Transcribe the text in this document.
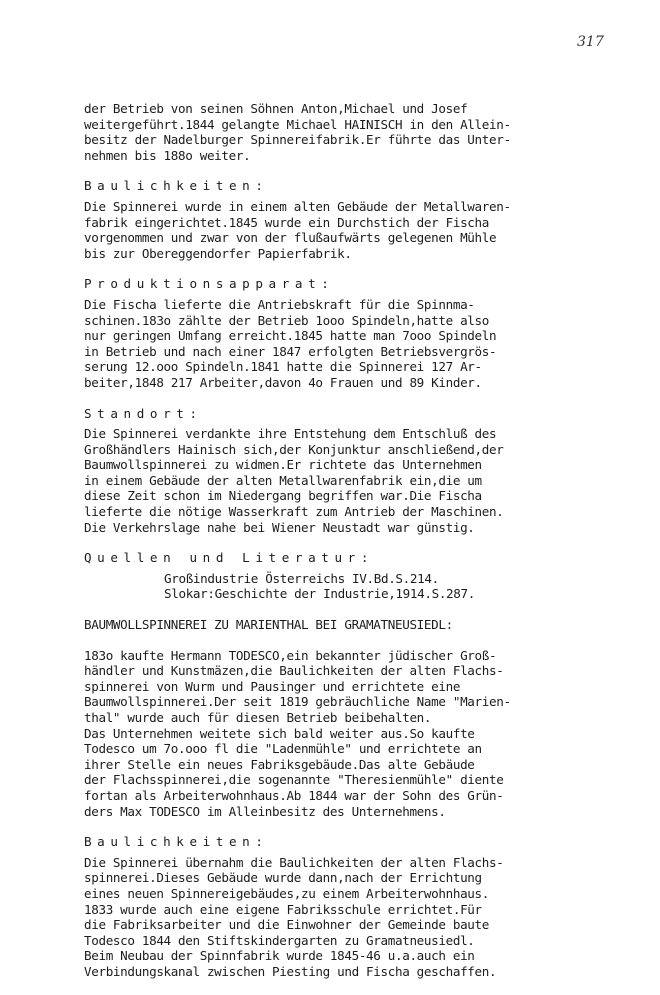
317
der Betrieb von seinen Söhnen Anton,Michael und Josef
weitergeführt.1844 gelangte Michael HAINISCH in den Allein-
besitz der Nadelburger Spinnereifabrik.Er führte das Unter-
nehmen bis 188o weiter.
Baulichkeiten:
Die Spinnerei wurde in einem alten Gebäude der Metallwaren-
fabrik eingerichtet.1845 wurde ein Durchstich der Fischa
vorgenommen und zwar von der flußaufwärts gelegenen Mühle
bis zur Obereggendorfer Papierfabrik.
Produktionsapparat:
Die Fischa lieferte die Antriebskraft für die Spinnma-
schinen.183o zählte der Betrieb 1ooo Spindeln,hatte also
nur geringen Umfang erreicht.1845 hatte man 7ooo Spindeln
in Betrieb und nach einer 1847 erfolgten Betriebsvergrös-
serung 12.ooo Spindeln.1841 hatte die Spinnerei 127 Ar-
beiter,1848 217 Arbeiter,davon 4o Frauen und 89 Kinder.
Standort:
Die Spinnerei verdankte ihre Entstehung dem Entschluß des
Großhändlers Hainisch sich,der Konjunktur anschließend,der
Baumwollspinnerei zu widmen.Er richtete das Unternehmen
in einem Gebäude der alten Metallwarenfabrik ein,die um
diese Zeit schon im Niedergang begriffen war.Die Fischa
lieferte die nötige Wasserkraft zum Antrieb der Maschinen.
Die Verkehrslage nahe bei Wiener Neustadt war günstig.
Quellen und Literatur:
Großindustrie Österreichs IV.Bd.S.214.
Slokar:Geschichte der Industrie,1914.S.287.
BAUMWOLLSPINNEREI ZU MARIENTHAL BEI GRAMATNEUSIEDL:
183o kaufte Hermann TODESCO,ein bekannter jüdischer Groß-
händler und Kunstmäzen,die Baulichkeiten der alten Flachs-
spinnerei von Wurm und Pausinger und errichtete eine
Baumwollspinnerei.Der seit 1819 gebräuchliche Name "Marien-
thal" wurde auch für diesen Betrieb beibehalten.
Das Unternehmen weitete sich bald weiter aus.So kaufte
Todesco um 7o.ooo fl die "Ladenmühle" und errichtete an
ihrer Stelle ein neues Fabriksgebäude.Das alte Gebäude
der Flachsspinnerei,die sogenannte "Theresienmühle" diente
fortan als Arbeiterwohnhaus.Ab 1844 war der Sohn des Grün-
ders Max TODESCO im Alleinbesitz des Unternehmens.
Baulichkeiten:
Die Spinnerei übernahm die Baulichkeiten der alten Flachs-
spinnerei.Dieses Gebäude wurde dann,nach der Errichtung
eines neuen Spinnereigebäudes,zu einem Arbeiterwohnhaus.
1833 wurde auch eine eigene Fabriksschule errichtet.Für
die Fabriksarbeiter und die Einwohner der Gemeinde baute
Todesco 1844 den Stiftskindergarten zu Gramatneusiedl.
Beim Neubau der Spinnfabrik wurde 1845-46 u.a.auch ein
Verbindungskanal zwischen Piesting und Fischa geschaffen.
